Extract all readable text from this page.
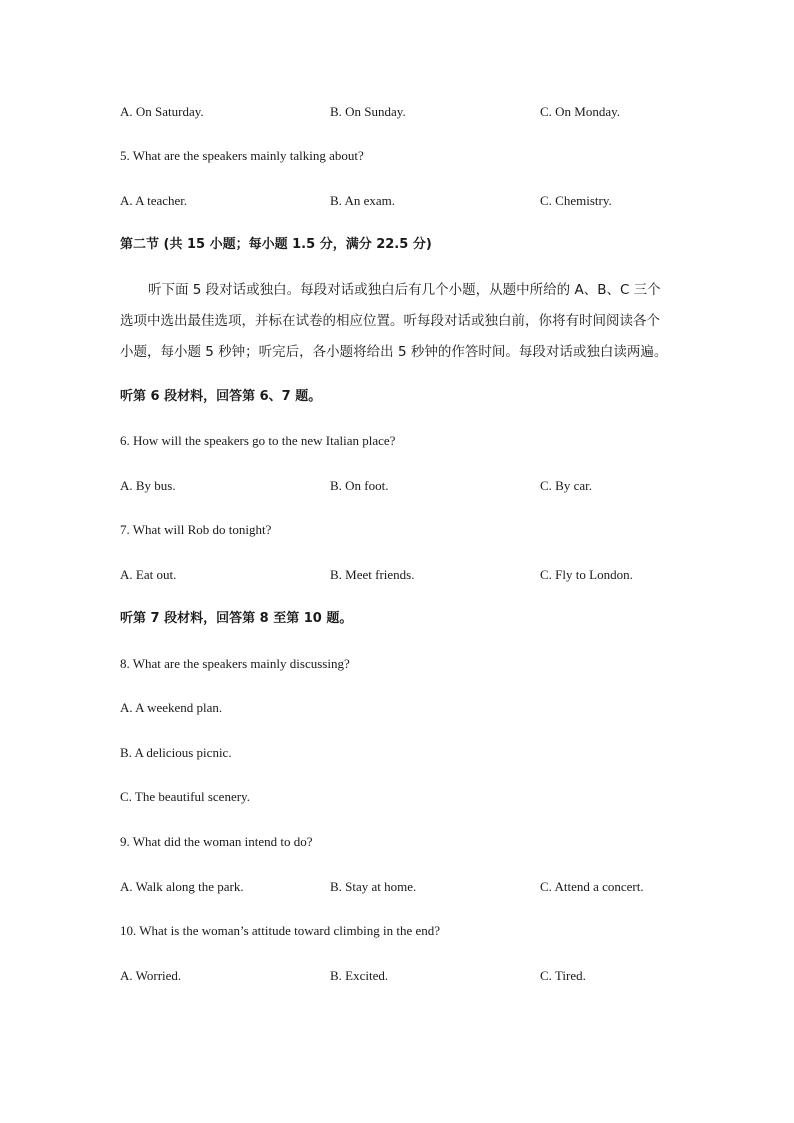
A. On Saturday.	B. On Sunday.	C. On Monday.
5. What are the speakers mainly talking about?
A. A teacher.	B. An exam.	C. Chemistry.
第二节 (共 15 小题；每小题 1.5 分，满分 22.5 分)
听下面 5 段对话或独白。每段对话或独白后有几个小题，从题中所给的 A、B、C 三个
选项中选出最佳选项，并标在试卷的相应位置。听每段对话或独白前，你将有时间阅读各个
小题，每小题 5 秒钟；听完后，各小题将给出 5 秒钟的作答时间。每段对话或独白读两遍。
听第 6 段材料，回答第 6、7 题。
6. How will the speakers go to the new Italian place?
A. By bus.	B. On foot.	C. By car.
7. What will Rob do tonight?
A. Eat out.	B. Meet friends.	C. Fly to London.
听第 7 段材料，回答第 8 至第 10 题。
8. What are the speakers mainly discussing?
A. A weekend plan.
B. A delicious picnic.
C. The beautiful scenery.
9. What did the woman intend to do?
A. Walk along the park.	B. Stay at home.	C. Attend a concert.
10. What is the woman’s attitude toward climbing in the end?
A. Worried.	B. Excited.	C. Tired.
